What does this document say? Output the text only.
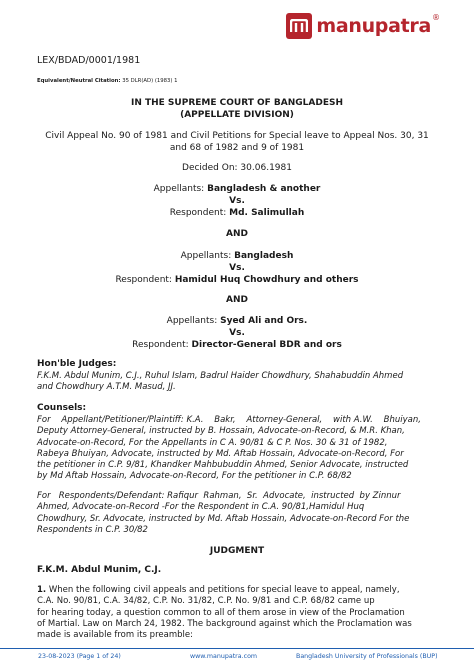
manupatra ®
LEX/BDAD/0001/1981
Equivalent/Neutral Citation: 35 DLR(AD) (1983) 1
IN THE SUPREME COURT OF BANGLADESH
(APPELLATE DIVISION)
Civil Appeal No. 90 of 1981 and Civil Petitions for Special leave to Appeal Nos. 30, 31
and 68 of 1982 and 9 of 1981
Decided On: 30.06.1981
Appellants: Bangladesh & another
Vs.
Respondent: Md. Salimullah
AND
Appellants: Bangladesh
Vs.
Respondent: Hamidul Huq Chowdhury and others
AND
Appellants: Syed Ali and Ors.
Vs.
Respondent: Director-General BDR and ors
Hon'ble Judges:
F.K.M. Abdul Munim, C.J., Ruhul Islam, Badrul Haider Chowdhury, Shahabuddin Ahmed
and Chowdhury A.T.M. Masud, JJ.
Counsels:
For    Appellant/Petitioner/Plaintiff: K.A.    Bakr,    Attorney-General,    with A.W.    Bhuiyan,
Deputy Attorney-General, instructed by B. Hossain, Advocate-on-Record, & M.R. Khan,
Advocate-on-Record, For the Appellants in C A. 90/81 & C P. Nos. 30 & 31 of 1982,
Rabeya Bhuiyan, Advocate, instructed by Md. Aftab Hossain, Advocate-on-Record, For
the petitioner in C.P. 9/81, Khandker Mahbubuddin Ahmed, Senior Advocate, instructed
by Md Aftab Hossain, Advocate-on-Record, For the petitioner in C.P. 68/82
For   Respondents/Defendant: Rafiqur  Rahman,  Sr.  Advocate,  instructed  by Zinnur
Ahmed, Advocate-on-Record -For the Respondent in C.A. 90/81,Hamidul Huq
Chowdhury, Sr. Advocate, instructed by Md. Aftab Hossain, Advocate-on-Record For the
Respondents in C.P. 30/82
JUDGMENT
F.K.M. Abdul Munim, C.J.
1. When the following civil appeals and petitions for special leave to appeal, namely,
C.A. No. 90/81, C.A. 34/82, C.P. No. 31/82, C.P. No. 9/81 and C.P. 68/82 came up
for hearing today, a question common to all of them arose in view of the Proclamation
of Martial. Law on March 24, 1982. The background against which the Proclamation was
made is available from its preamble:
23-08-2023 (Page 1 of 24)	www.manupatra.com	Bangladesh University of Professionals (BUP)
